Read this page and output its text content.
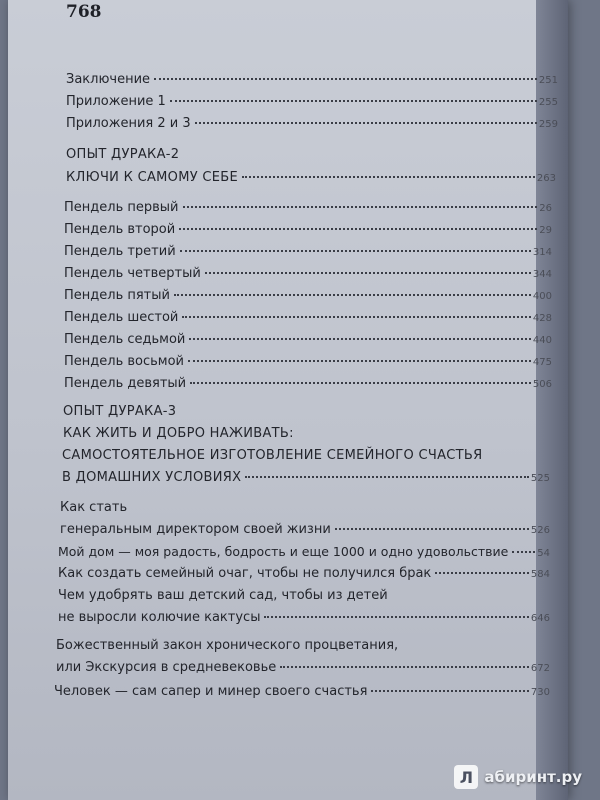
768
Заключение	251
Приложение 1	255
Приложения 2 и 3	259
ОПЫТ ДУРАКА-2
КЛЮЧИ К САМОМУ СЕБЕ	263
Пендель первый	26
Пендель второй	29
Пендель третий	314
Пендель четвертый	344
Пендель пятый	400
Пендель шестой	428
Пендель седьмой	440
Пендель восьмой	475
Пендель девятый	506
ОПЫТ ДУРАКА-3
КАК ЖИТЬ И ДОБРО НАЖИВАТЬ:
САМОСТОЯТЕЛЬНОЕ ИЗГОТОВЛЕНИЕ СЕМЕЙНОГО СЧАСТЬЯ
В ДОМАШНИХ УСЛОВИЯХ	525
Как стать
генеральным директором своей жизни	526
Мой дом — моя радость, бодрость и еще 1000 и одно удовольствие	54
Как создать семейный очаг, чтобы не получился брак	584
Чем удобрять ваш детский сад, чтобы из детей
не выросли колючие кактусы	646
Божественный закон хронического процветания,
или Экскурсия в средневековье	672
Человек — сам сапер и минер своего счастья	730
Л абиринт.ру
